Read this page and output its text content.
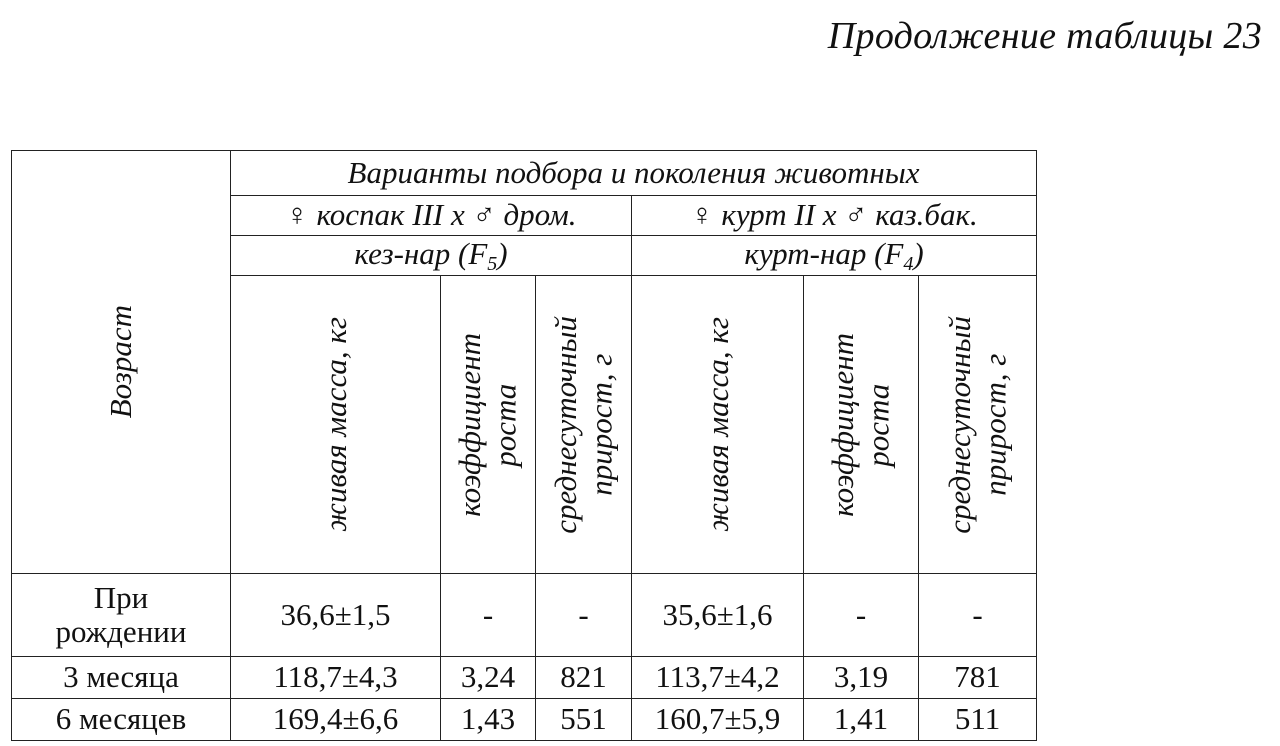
Продолжение таблицы 23
Возраст	Варианты подбора и поколения животных					
	♀ коспак III х ♂ дром.			♀ курт II х ♂ каз.бак.		
	кез-нар $(F_5)$			курт-нар $(F_4)$		

	живая масса, кг	коэффициент роста	среднесуточный прирост, г	живая масса, кг	коэффициент роста	среднесуточный прирост, г

При
рождении	36,6±1,5	-	-	35,6±1,6	-	-
3 месяца	118,7±4,3	3,24	821	113,7±4,2	3,19	781
6 месяцев	169,4±6,6	1,43	551	160,7±5,9	1,41	511
